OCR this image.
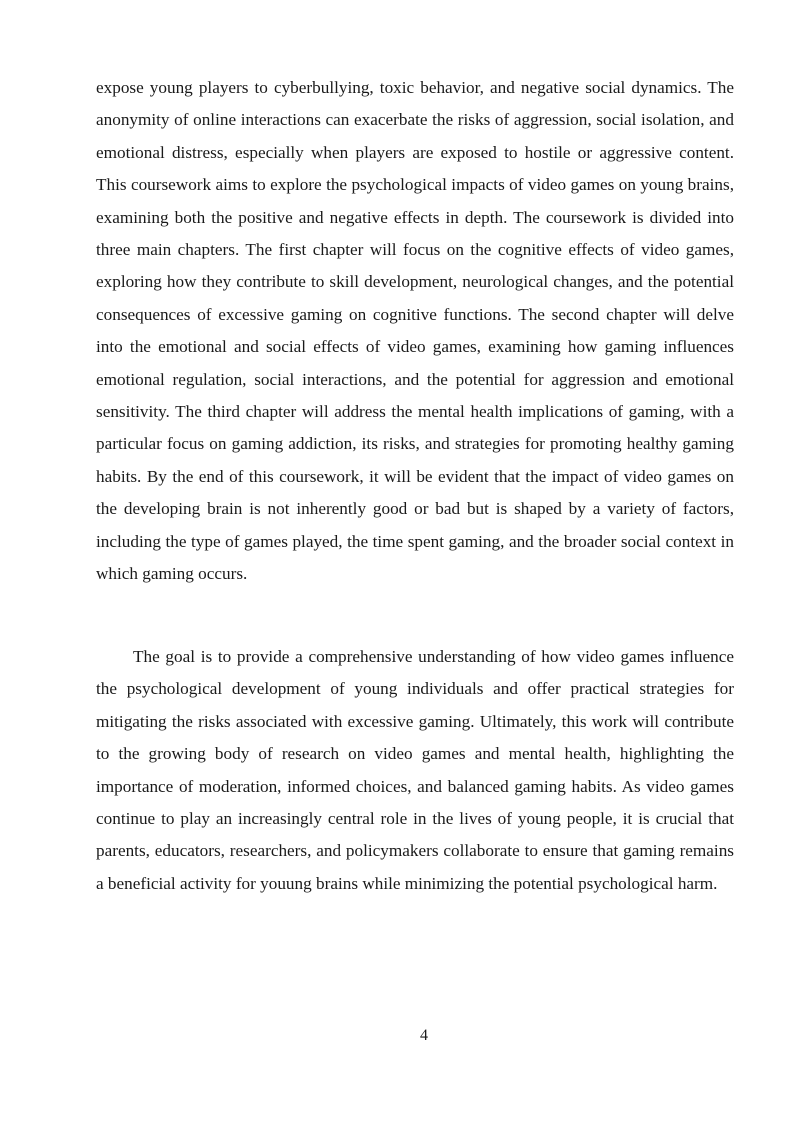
expose young players to cyberbullying, toxic behavior, and negative social dynamics. The anonymity of online interactions can exacerbate the risks of aggression, social isolation, and emotional distress, especially when players are exposed to hostile or aggressive content. This coursework aims to explore the psychological impacts of video games on young brains, examining both the positive and negative effects in depth. The coursework is divided into three main chapters. The first chapter will focus on the cognitive effects of video games, exploring how they contribute to skill development, neurological changes, and the potential consequences of excessive gaming on cognitive functions. The second chapter will delve into the emotional and social effects of video games, examining how gaming influences emotional regulation, social interactions, and the potential for aggression and emotional sensitivity. The third chapter will address the mental health implications of gaming, with a particular focus on gaming addiction, its risks, and strategies for promoting healthy gaming habits. By the end of this coursework, it will be evident that the impact of video games on the developing brain is not inherently good or bad but is shaped by a variety of factors, including the type of games played, the time spent gaming, and the broader social context in which gaming occurs.

The goal is to provide a comprehensive understanding of how video games influence the psychological development of young individuals and offer practical strategies for mitigating the risks associated with excessive gaming. Ultimately, this work will contribute to the growing body of research on video games and mental health, highlighting the importance of moderation, informed choices, and balanced gaming habits. As video games continue to play an increasingly central role in the lives of young people, it is crucial that parents, educators, researchers, and policymakers collaborate to ensure that gaming remains a beneficial activity for youung brains while minimizing the potential psychological harm.

4
